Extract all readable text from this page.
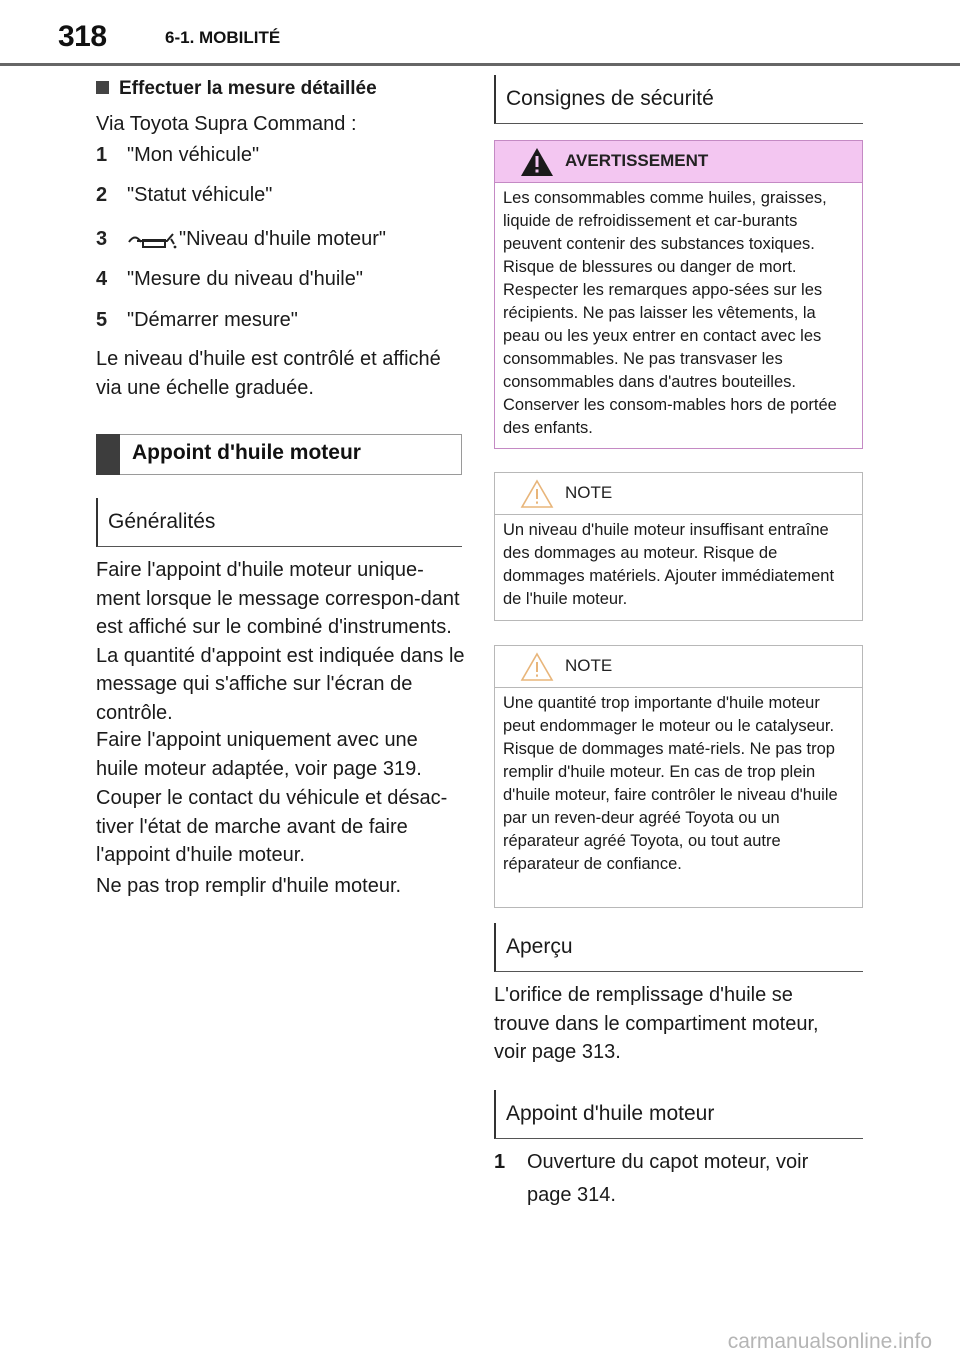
318	6-1. MOBILITÉ
Effectuer la mesure détaillée
Via Toyota Supra Command :
1 "Mon véhicule"
2 "Statut véhicule"
3	"Niveau d'huile moteur"
4 "Mesure du niveau d'huile"
5 "Démarrer mesure"
Le niveau d'huile est contrôlé et affiché via une échelle graduée.
Appoint d'huile moteur
Généralités
Faire l'appoint d'huile moteur unique-ment lorsque le message correspon-dant est affiché sur le combiné d'instruments. La quantité d'appoint est indiquée dans le message qui s'affiche sur l'écran de contrôle.
Faire l'appoint uniquement avec une huile moteur adaptée, voir page 319.
Couper le contact du véhicule et désac-tiver l'état de marche avant de faire l'appoint d'huile moteur.
Ne pas trop remplir d'huile moteur.
Consignes de sécurité
AVERTISSEMENT
Les consommables comme huiles, graisses, liquide de refroidissement et car-burants peuvent contenir des substances toxiques. Risque de blessures ou danger de mort. Respecter les remarques appo-sées sur les récipients. Ne pas laisser les vêtements, la peau ou les yeux entrer en contact avec les consommables. Ne pas transvaser les consommables dans d'autres bouteilles. Conserver les consom-mables hors de portée des enfants.
NOTE
Un niveau d'huile moteur insuffisant entraîne des dommages au moteur. Risque de dommages matériels. Ajouter immédiatement de l'huile moteur.
NOTE
Une quantité trop importante d'huile moteur peut endommager le moteur ou le catalyseur. Risque de dommages maté-riels. Ne pas trop remplir d'huile moteur. En cas de trop plein d'huile moteur, faire contrôler le niveau d'huile par un reven-deur agréé Toyota ou un réparateur agréé Toyota, ou tout autre réparateur de confiance.
Aperçu
L'orifice de remplissage d'huile se trouve dans le compartiment moteur, voir page 313.
Appoint d'huile moteur
1	Ouverture du capot moteur, voir page 314.
carmanualsonline.info
